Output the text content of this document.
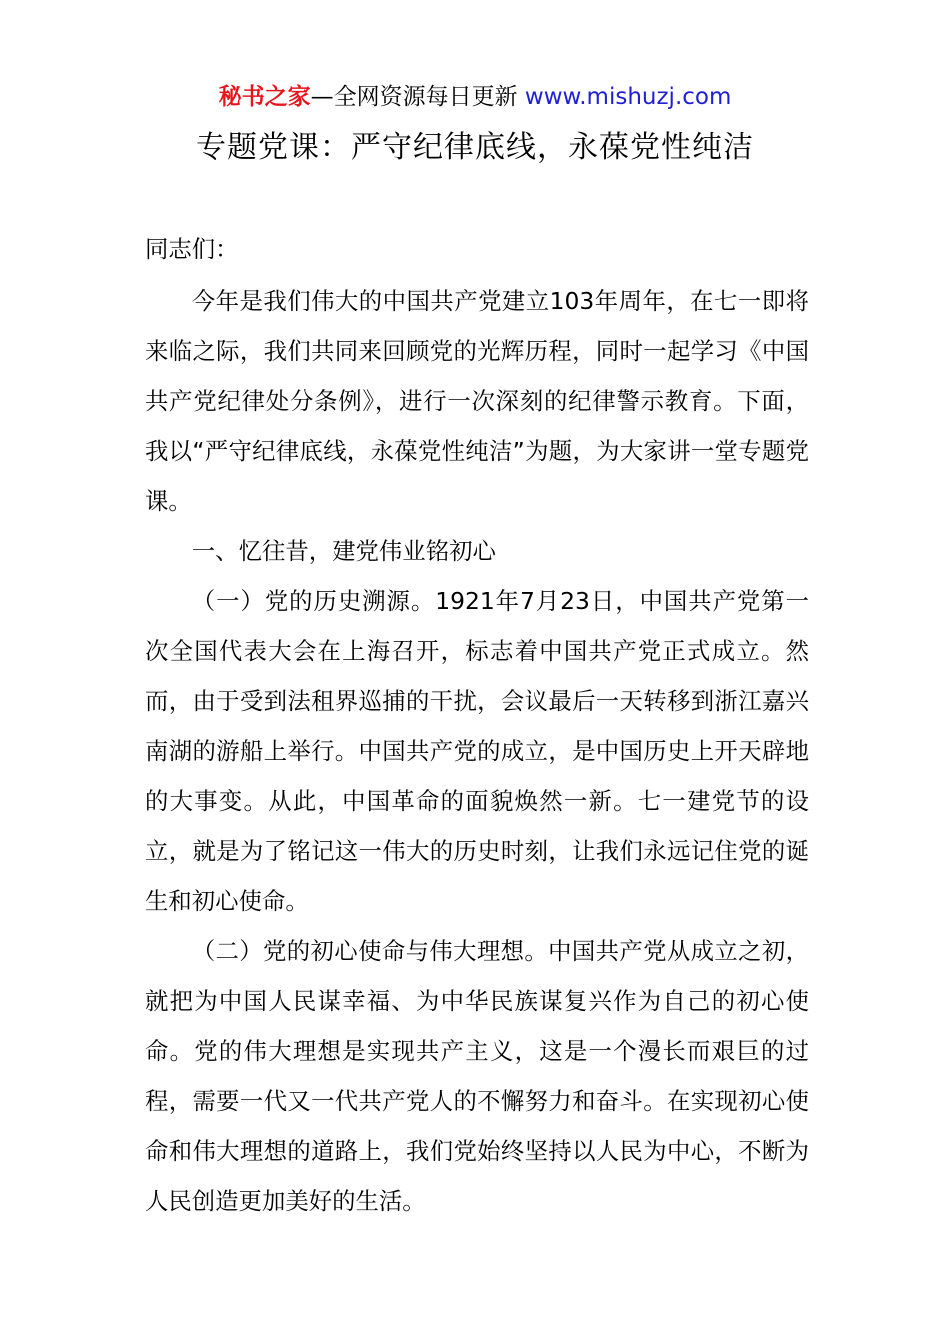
秘书之家—全网资源每日更新 www.mishuzj.com
专题党课：严守纪律底线，永葆党性纯洁

同志们：

今年是我们伟大的中国共产党建立103年周年，在七一即将来临之际，我们共同来回顾党的光辉历程，同时一起学习《中国共产党纪律处分条例》，进行一次深刻的纪律警示教育。下面，我以“严守纪律底线，永葆党性纯洁”为题，为大家讲一堂专题党课。

一、忆往昔，建党伟业铭初心

（一）党的历史溯源。1921年7月23日，中国共产党第一次全国代表大会在上海召开，标志着中国共产党正式成立。然而，由于受到法租界巡捕的干扰，会议最后一天转移到浙江嘉兴南湖的游船上举行。中国共产党的成立，是中国历史上开天辟地的大事变。从此，中国革命的面貌焕然一新。七一建党节的设立，就是为了铭记这一伟大的历史时刻，让我们永远记住党的诞生和初心使命。

（二）党的初心使命与伟大理想。中国共产党从成立之初，就把为中国人民谋幸福、为中华民族谋复兴作为自己的初心使命。党的伟大理想是实现共产主义，这是一个漫长而艰巨的过程，需要一代又一代共产党人的不懈努力和奋斗。在实现初心使命和伟大理想的道路上，我们党始终坚持以人民为中心，不断为人民创造更加美好的生活。
